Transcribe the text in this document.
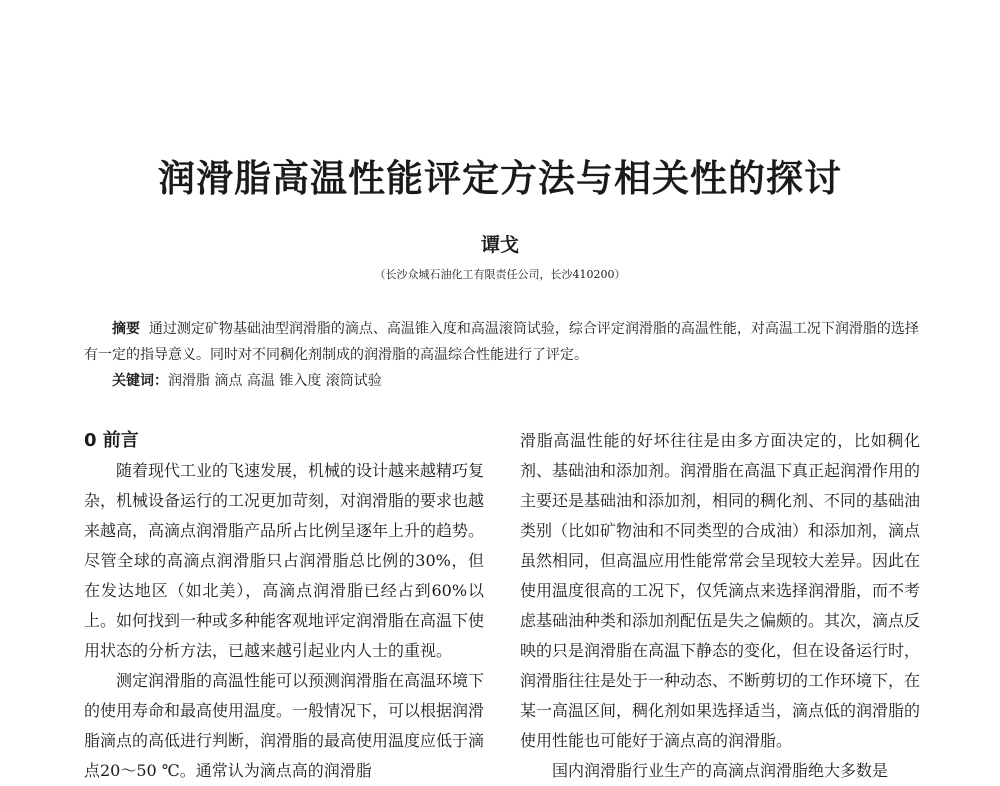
润滑脂高温性能评定方法与相关性的探讨
谭戈
（长沙众城石油化工有限责任公司，长沙410200）

摘要 通过测定矿物基础油型润滑脂的滴点、高温锥入度和高温滚筒试验，综合评定润滑脂的高温性能，对高温工况下润滑脂的选择有一定的指导意义。同时对不同稠化剂制成的润滑脂的高温综合性能进行了评定。

关键词：润滑脂 滴点 高温 锥入度 滚筒试验

0 前言

随着现代工业的飞速发展，机械的设计越来越精巧复杂，机械设备运行的工况更加苛刻，对润滑脂的要求也越来越高，高滴点润滑脂产品所占比例呈逐年上升的趋势。尽管全球的高滴点润滑脂只占润滑脂总比例的30%，但在发达地区（如北美），高滴点润滑脂已经占到60%以上。如何找到一种或多种能客观地评定润滑脂在高温下使用状态的分析方法，已越来越引起业内人士的重视。

测定润滑脂的高温性能可以预测润滑脂在高温环境下的使用寿命和最高使用温度。一般情况下，可以根据润滑脂滴点的高低进行判断，润滑脂的最高使用温度应低于滴点20～50 ℃。通常认为滴点高的润滑脂

滑脂高温性能的好坏往往是由多方面决定的，比如稠化剂、基础油和添加剂。润滑脂在高温下真正起润滑作用的主要还是基础油和添加剂，相同的稠化剂、不同的基础油类别（比如矿物油和不同类型的合成油）和添加剂，滴点虽然相同，但高温应用性能常常会呈现较大差异。因此在使用温度很高的工况下，仅凭滴点来选择润滑脂，而不考虑基础油种类和添加剂配伍是失之偏颇的。其次，滴点反映的只是润滑脂在高温下静态的变化，但在设备运行时，润滑脂往往是处于一种动态、不断剪切的工作环境下，在某一高温区间，稠化剂如果选择适当，滴点低的润滑脂的使用性能也可能好于滴点高的润滑脂。

国内润滑脂行业生产的高滴点润滑脂绝大多数是
